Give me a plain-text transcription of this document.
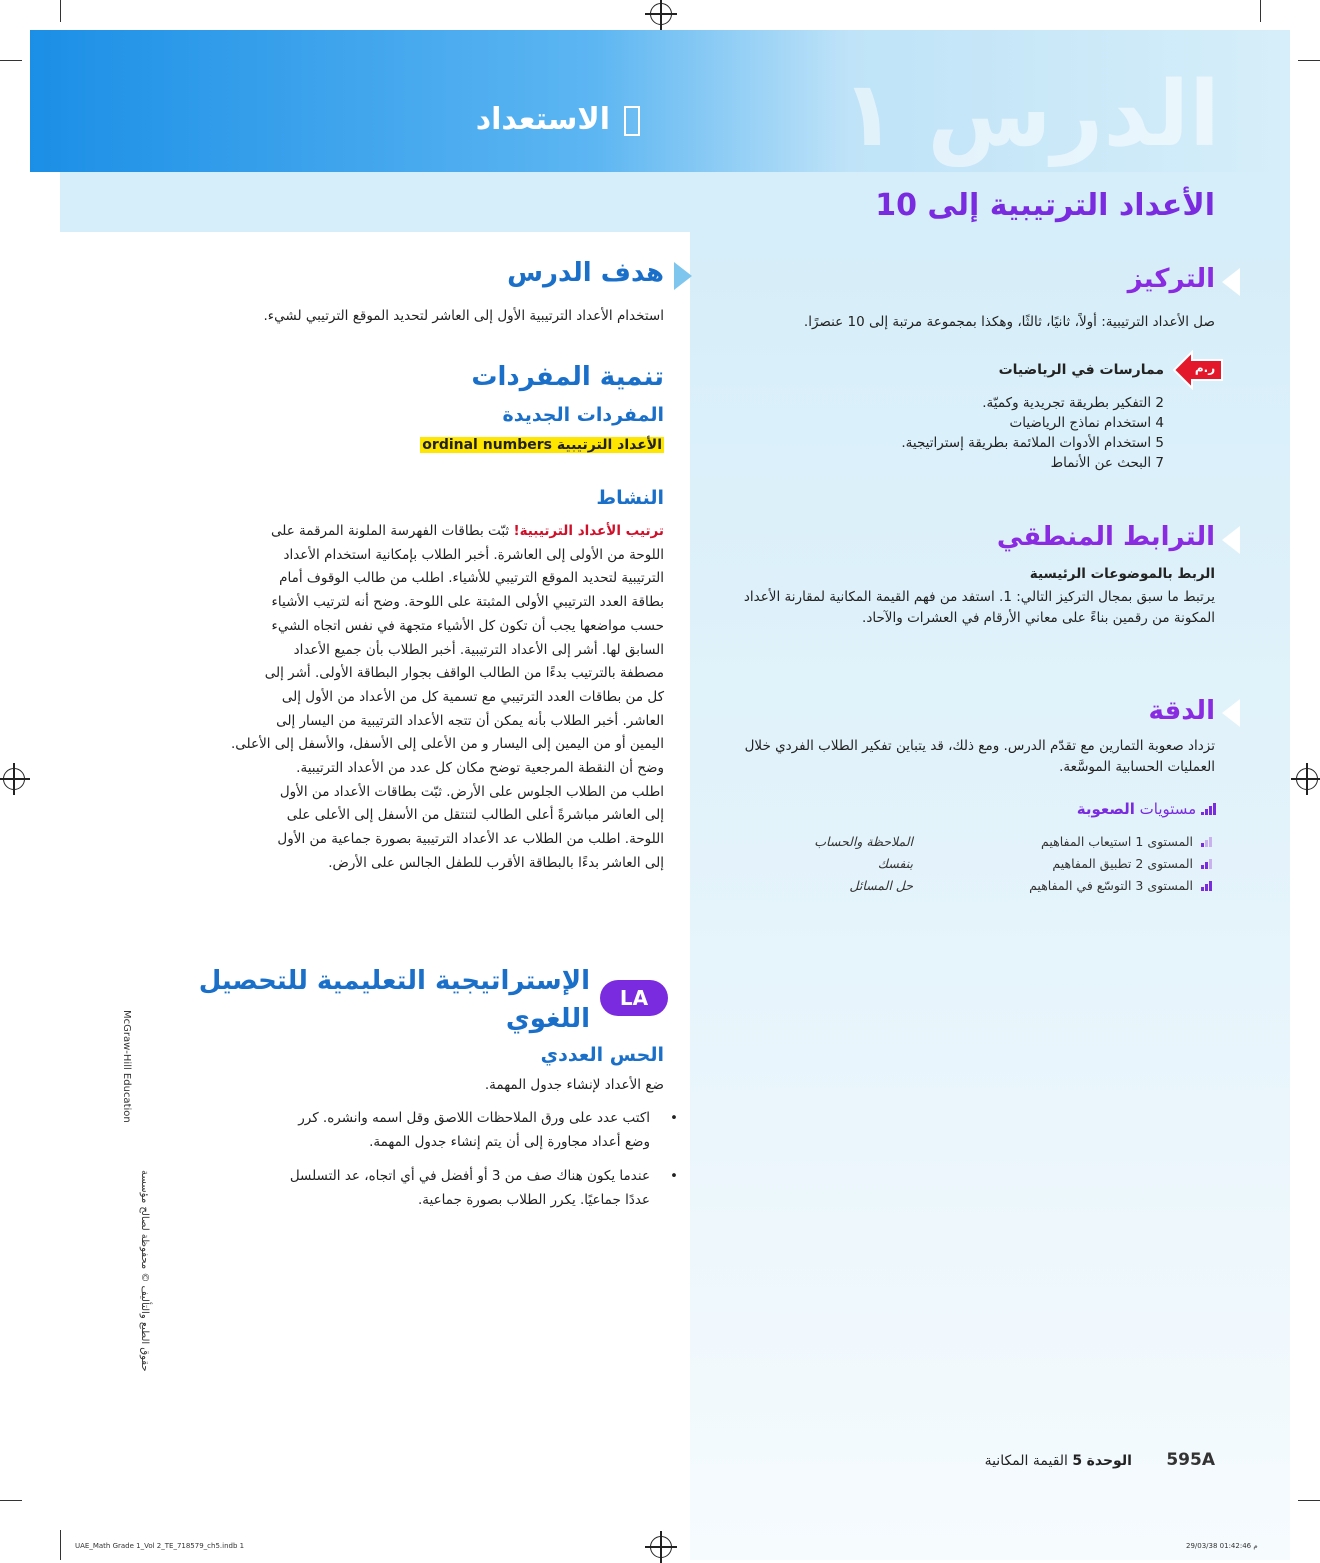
الدرس ١
الأعداد الترتيبية إلى 10
الاستعداد
التركيز
صل الأعداد الترتيبية: أولاً، ثانيًا، ثالثًا، وهكذا بمجموعة مرتبة إلى 10 عنصرًا.
ر.م
ممارسات في الرياضيات
2 التفكير بطريقة تجريدية وكميّة.
4 استخدام نماذج الرياضيات
5 استخدام الأدوات الملائمة بطريقة إستراتيجية.
7 البحث عن الأنماط
الترابط المنطقي
الربط بالموضوعات الرئيسية
يرتبط ما سبق بمجال التركيز التالي: 1. استفد من فهم القيمة المكانية لمقارنة الأعداد المكونة من رقمين بناءً على معاني الأرقام في العشرات والآحاد.
الدقة
تزداد صعوبة التمارين مع تقدّم الدرس. ومع ذلك، قد يتباين تفكير الطلاب الفردي خلال العمليات الحسابية الموسَّعة.
مستويات الصعوبة
المستوى 1 استيعاب المفاهيم
الملاحظة والحساب
المستوى 2 تطبيق المفاهيم
بنفسك
المستوى 3 التوسّع في المفاهيم
حل المسائل
هدف الدرس
استخدام الأعداد الترتيبية الأول إلى العاشر لتحديد الموقع الترتيبي لشيء.
تنمية المفردات
المفردات الجديدة
الأعداد الترتيبية ordinal numbers
النشاط
ترتيب الأعداد الترتيبية! ثبّت بطاقات الفهرسة الملونة المرقمة على
اللوحة من الأولى إلى العاشرة. أخبر الطلاب بإمكانية استخدام الأعداد
الترتيبية لتحديد الموقع الترتيبي للأشياء. اطلب من طالب الوقوف أمام
بطاقة العدد الترتيبي الأولى المثبتة على اللوحة. وضح أنه لترتيب الأشياء
حسب مواضعها يجب أن تكون كل الأشياء متجهة في نفس اتجاه الشيء
السابق لها. أشر إلى الأعداد الترتيبية. أخبر الطلاب بأن جميع الأعداد
مصطفة بالترتيب بدءًا من الطالب الواقف بجوار البطاقة الأولى. أشر إلى
كل من بطاقات العدد الترتيبي مع تسمية كل من الأعداد من الأول إلى
العاشر. أخبر الطلاب بأنه يمكن أن تتجه الأعداد الترتيبية من اليسار إلى
اليمين أو من اليمين إلى اليسار و من الأعلى إلى الأسفل، والأسفل إلى الأعلى.
وضح أن النقطة المرجعية توضح مكان كل عدد من الأعداد الترتيبية.
اطلب من الطلاب الجلوس على الأرض. ثبّت بطاقات الأعداد من الأول
إلى العاشر مباشرةً أعلى الطالب لتنتقل من الأسفل إلى الأعلى على
اللوحة. اطلب من الطلاب عد الأعداد الترتيبية بصورة جماعية من الأول
إلى العاشر بدءًا بالبطاقة الأقرب للطفل الجالس على الأرض.
LA
الإستراتيجية التعليمية للتحصيل
اللغوي
الحس العددي
ضع الأعداد لإنشاء جدول المهمة.
•
اكتب عدد على ورق الملاحظات اللاصق وقل اسمه وانشره. كرر
وضع أعداد مجاورة إلى أن يتم إنشاء جدول المهمة.
•
عندما يكون هناك صف من 3 أو أفضل في أي اتجاه، عد التسلسل
عددًا جماعيًا. يكرر الطلاب بصورة جماعية.
McGraw-Hill Education
حقوق الطبع والتأليف © محفوظة لصالح مؤسسة
595A الوحدة 5 القيمة المكانية
UAE_Math Grade 1_Vol 2_TE_718579_ch5.indb 1	29/03/38 01:42:46 م
